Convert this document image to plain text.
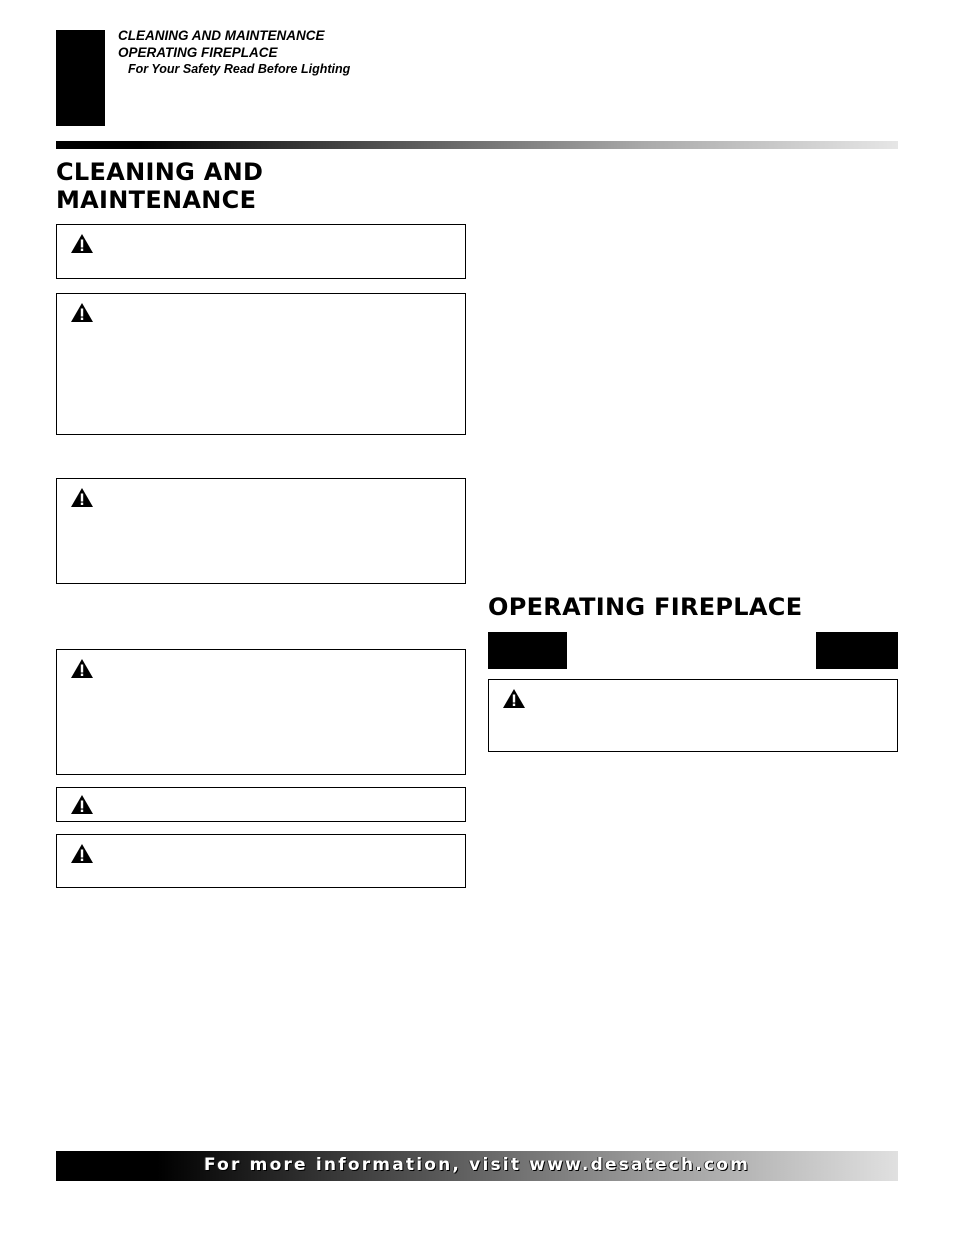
CLEANING AND MAINTENANCE
OPERATING FIREPLACE
For Your Safety Read Before Lighting
CLEANING AND
MAINTENANCE
OPERATING FIREPLACE
For more information, visit www.desatech.com
